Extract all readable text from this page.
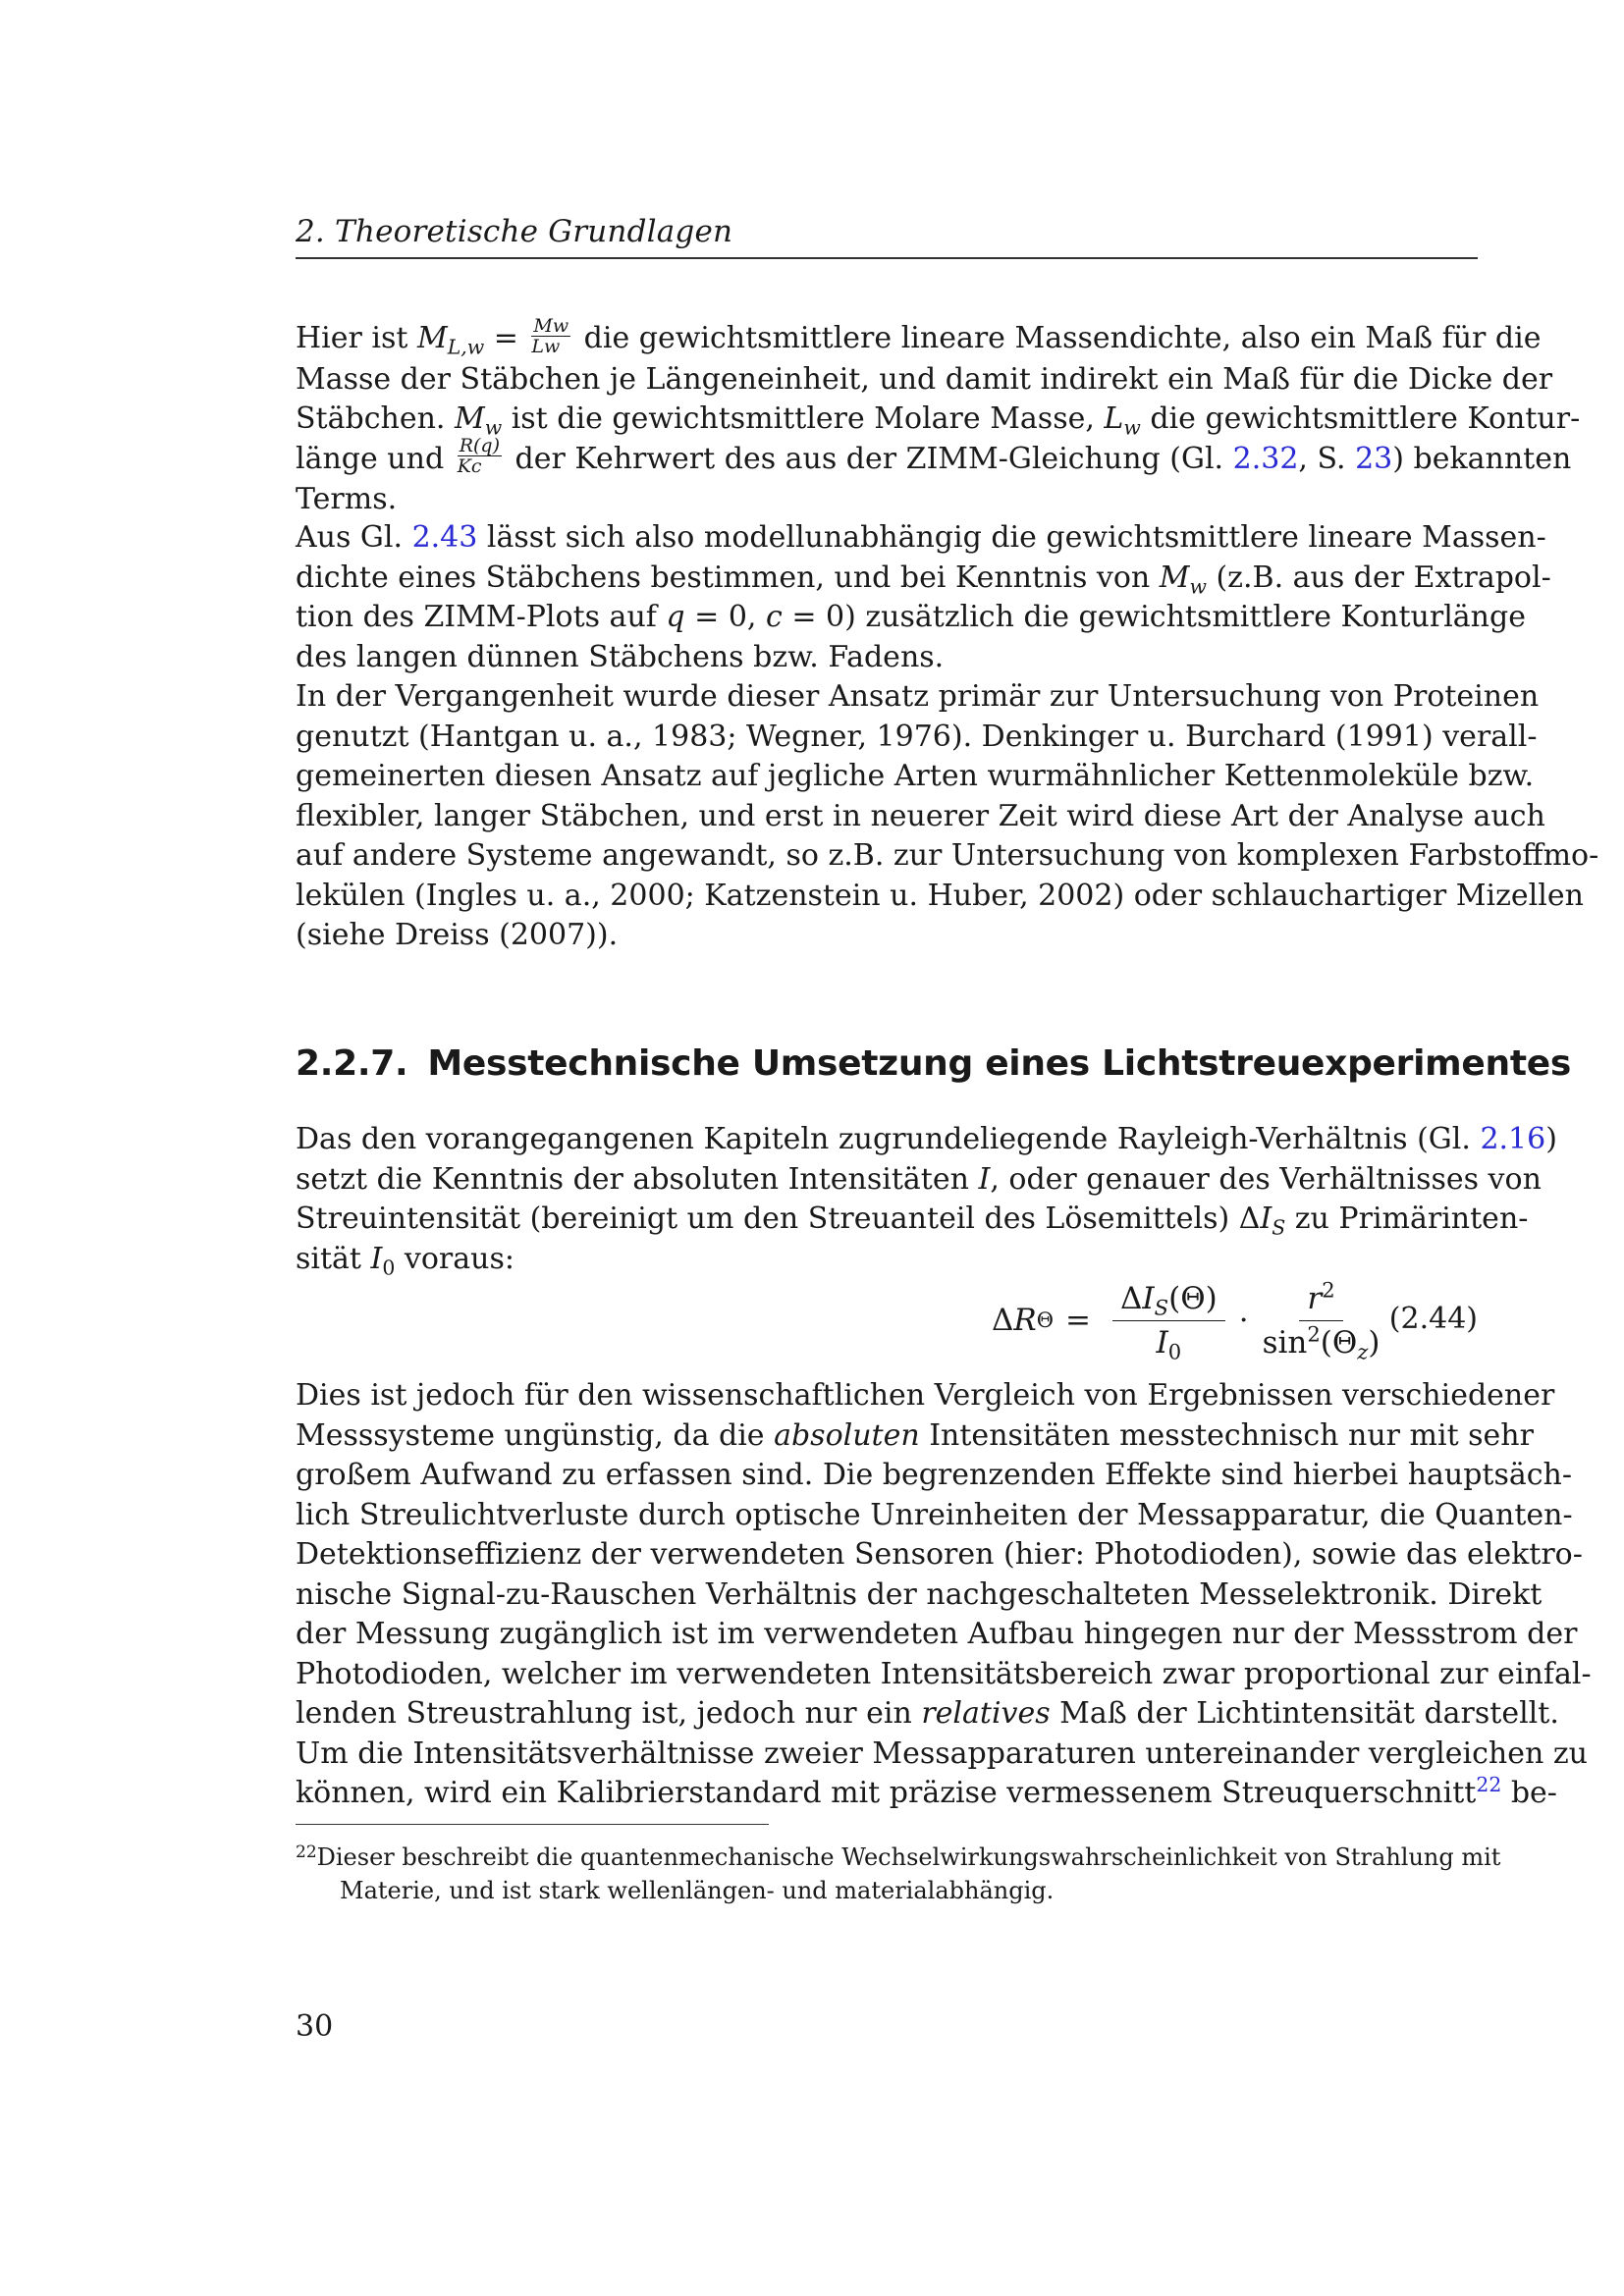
2. Theoretische Grundlagen
Hier ist $M_{L,w} = \frac{Mw}{Lw}$ die gewichtsmittlere lineare Massendichte, also ein Maß für die
Masse der Stäbchen je Längeneinheit, und damit indirekt ein Maß für die Dicke der
Stäbchen. $M_w$ ist die gewichtsmittlere Molare Masse, $L_w$ die gewichtsmittlere Kontur-
länge und $\frac{R(q)}{Kc}$ der Kehrwert des aus der ZIMM-Gleichung (Gl. 2.32, S. 23) bekannten
Terms.
Aus Gl. 2.43 lässt sich also modellunabhängig die gewichtsmittlere lineare Massen-
dichte eines Stäbchens bestimmen, und bei Kenntnis von $M_w$ (z.B. aus der Extrapol-
tion des ZIMM-Plots auf q = 0, c = 0) zusätzlich die gewichtsmittlere Konturlänge
des langen dünnen Stäbchens bzw. Fadens.
In der Vergangenheit wurde dieser Ansatz primär zur Untersuchung von Proteinen
genutzt (Hantgan u. a., 1983; Wegner, 1976). Denkinger u. Burchard (1991) verall-
gemeinerten diesen Ansatz auf jegliche Arten wurmähnlicher Kettenmoleküle bzw.
flexibler, langer Stäbchen, und erst in neuerer Zeit wird diese Art der Analyse auch
auf andere Systeme angewandt, so z.B. zur Untersuchung von komplexen Farbstoffmo-
lekülen (Ingles u. a., 2000; Katzenstein u. Huber, 2002) oder schlauchartiger Mizellen
(siehe Dreiss (2007)).
2.2.7. Messtechnische Umsetzung eines Lichtstreuexperimentes
Das den vorangegangenen Kapiteln zugrundeliegende Rayleigh-Verhältnis (Gl. 2.16)
setzt die Kenntnis der absoluten Intensitäten I, oder genauer des Verhältnisses von
Streuintensität (bereinigt um den Streuanteil des Lösemittels) $\Delta I_S$ zu Primärinten-
sität $I_0$ voraus:
Δ R $\Theta = \frac{\Delta I_S(\Theta)}{I_0} \cdot \frac{r^2}{\sin^2(\Theta_z)} (2.44)$
Dies ist jedoch für den wissenschaftlichen Vergleich von Ergebnissen verschiedener
Messsysteme ungünstig, da die absoluten Intensitäten messtechnisch nur mit sehr
großem Aufwand zu erfassen sind. Die begrenzenden Effekte sind hierbei hauptsäch-
lich Streulichtverluste durch optische Unreinheiten der Messapparatur, die Quanten-
Detektionseffizienz der verwendeten Sensoren (hier: Photodioden), sowie das elektro-
nische Signal-zu-Rauschen Verhältnis der nachgeschalteten Messelektronik. Direkt
der Messung zugänglich ist im verwendeten Aufbau hingegen nur der Messstrom der
Photodioden, welcher im verwendeten Intensitätsbereich zwar proportional zur einfal-
lenden Streustrahlung ist, jedoch nur ein relatives Maß der Lichtintensität darstellt.
Um die Intensitätsverhältnisse zweier Messapparaturen untereinander vergleichen zu
können, wird ein Kalibrierstandard mit präzise vermessenem Streuquerschnitt$^{22}$ be-
$^{22}$Dieser beschreibt die quantenmechanische Wechselwirkungswahrscheinlichkeit von Strahlung mit
Materie, und ist stark wellenlängen- und materialabhängig.
30
